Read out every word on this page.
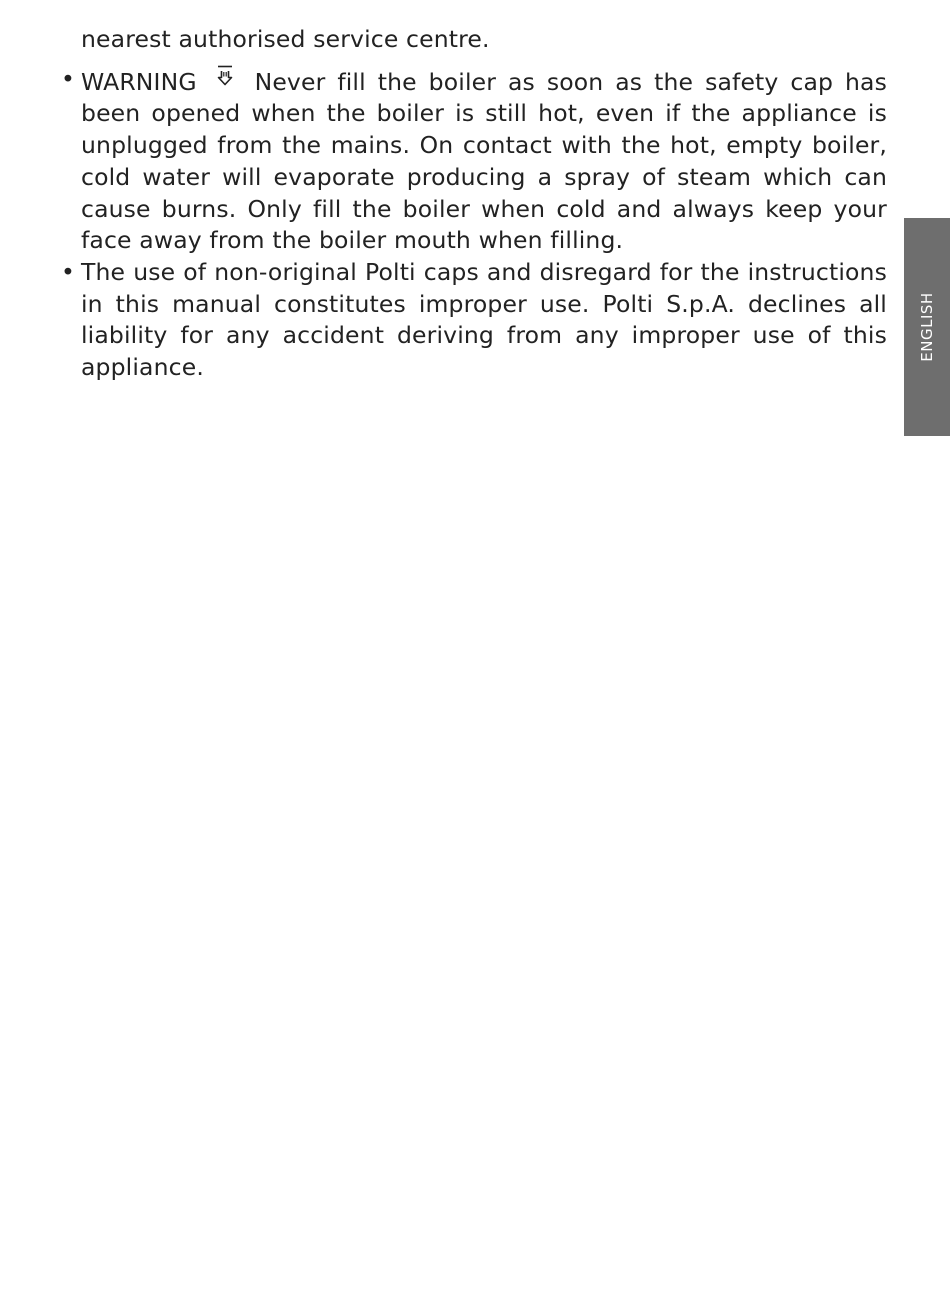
nearest authorised service centre.

• WARNING Never fill the boiler as soon as the safety cap has been opened when the boiler is still hot, even if the appliance is unplugged from the mains. On contact with the hot, empty boiler, cold water will evaporate producing a spray of steam which can cause burns. Only fill the boiler when cold and always keep your face away from the boiler mouth when filling.
• The use of non-original Polti caps and disregard for the instructions in this manual constitutes improper use. Polti S.p.A. declines all liability for any accident deriving from any improper use of this appliance.
ENGLISH
